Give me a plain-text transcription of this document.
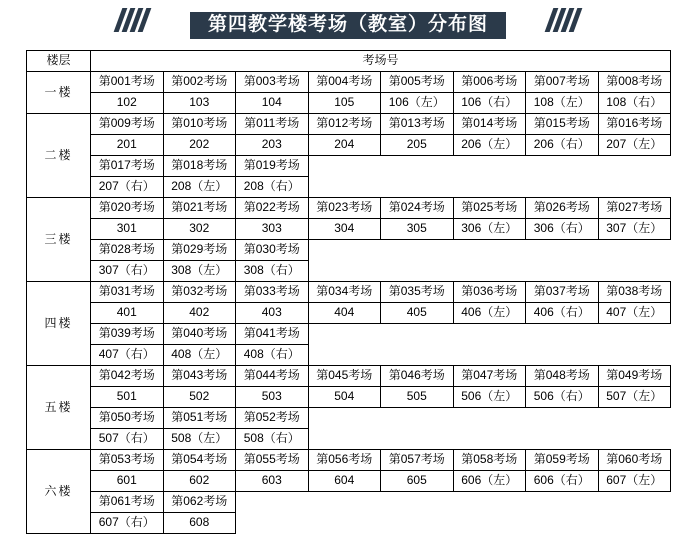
第四教学楼考场（教室）分布图
楼层	考场号							
一楼	第001考场	第002考场	第003考场	第004考场	第005考场	第006考场	第007考场	第008考场
	102	103	104	105	106（左）	106（右）	108（左）	108（右）
二楼	第009考场	第010考场	第011考场	第012考场	第013考场	第014考场	第015考场	第016考场
	201	202	203	204	205	206（左）	206（右）	207（左）
	第017考场	第018考场	第019考场					
	207（右）	208（左）	208（右）					
三楼	第020考场	第021考场	第022考场	第023考场	第024考场	第025考场	第026考场	第027考场
	301	302	303	304	305	306（左）	306（右）	307（左）
	第028考场	第029考场	第030考场					
	307（右）	308（左）	308（右）					
四楼	第031考场	第032考场	第033考场	第034考场	第035考场	第036考场	第037考场	第038考场
	401	402	403	404	405	406（左）	406（右）	407（左）
	第039考场	第040考场	第041考场					
	407（右）	408（左）	408（右）					
五楼	第042考场	第043考场	第044考场	第045考场	第046考场	第047考场	第048考场	第049考场
	501	502	503	504	505	506（左）	506（右）	507（左）
	第050考场	第051考场	第052考场					
	507（右）	508（左）	508（右）					
六楼	第053考场	第054考场	第055考场	第056考场	第057考场	第058考场	第059考场	第060考场
	601	602	603	604	605	606（左）	606（右）	607（左）
	第061考场	第062考场						
	607（右）	608						
